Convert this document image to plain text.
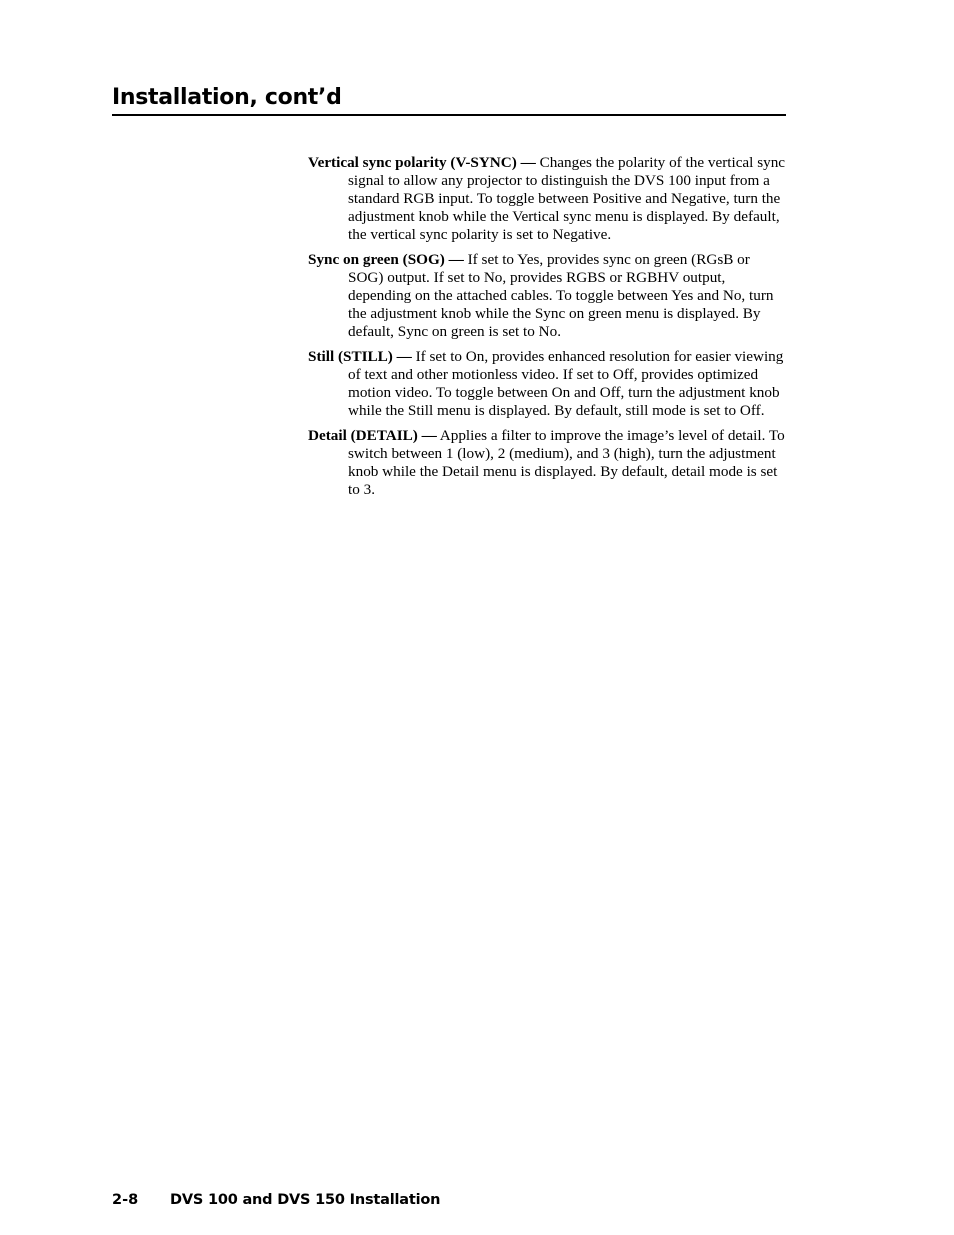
Installation, cont’d

Vertical sync polarity (V-SYNC) — Changes the polarity of the vertical sync signal to allow any projector to distinguish the DVS 100 input from a standard RGB input. To toggle between Positive and Negative, turn the adjustment knob while the Vertical sync menu is displayed. By default, the vertical sync polarity is set to Negative.

Sync on green (SOG) — If set to Yes, provides sync on green (RGsB or SOG) output. If set to No, provides RGBS or RGBHV output, depending on the attached cables. To toggle between Yes and No, turn the adjustment knob while the Sync on green menu is displayed. By default, Sync on green is set to No.

Still (STILL) — If set to On, provides enhanced resolution for easier viewing of text and other motionless video. If set to Off, provides optimized motion video. To toggle between On and Off, turn the adjustment knob while the Still menu is displayed. By default, still mode is set to Off.

Detail (DETAIL) — Applies a filter to improve the image’s level of detail. To switch between 1 (low), 2 (medium), and 3 (high), turn the adjustment knob while the Detail menu is displayed. By default, detail mode is set to 3.

2-8 DVS 100 and DVS 150 Installation
